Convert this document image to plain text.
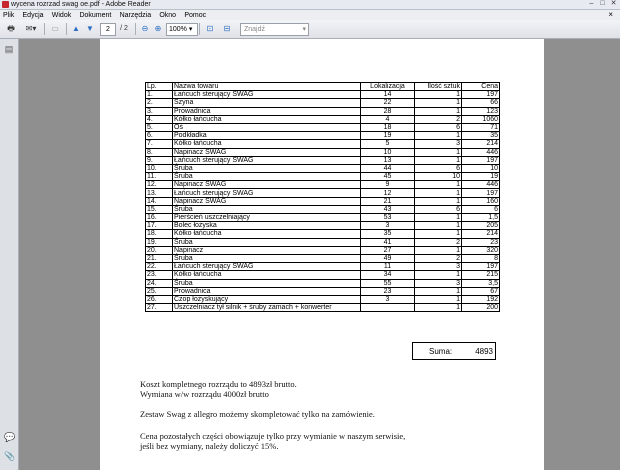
wycena rozrzad swag oe.pdf - Adobe Reader	– □ ✕
Plik Edycja Widok Dokument Narzędzia Okno Pomoc	×
🖶	✉▾	▭	▲ ▼	2	/ 2	⊖ ⊕	100% ▾	⊡	⊟	Znajdź	▾
▤
💬
📎
Lp.	Nazwa towaru	Lokalizacja	Ilość sztuk	Cena
1.	Łańcuch sterujący SWAG	14	1	197
2.	Szyna	22	1	66
3.	Prowadnica	28	1	123
4.	Kółko łańcucha	4	2	1060
5.	Oś	18	6	71
6.	Podkładka	19	1	35
7.	Kółko łańcucha	5	3	214
8.	Napinacz SWAG	10	1	446
9.	Łańcuch sterujący SWAG	13	1	197
10.	Śruba	44	6	10
11.	Śruba	45	10	19
12.	Napinacz SWAG	9	1	446
13.	Łańcuch sterujący SWAG	12	1	197
14.	Napinacz SWAG	21	1	160
15.	Śruba	43	6	6
16.	Pierścień uszczelniający	53	1	1,5
17.	Bolec łożyska	3	1	205
18.	Kółko łańcucha	35	1	214
19.	Śruba	41	2	23
20.	Napinacz	27	1	320
21.	Śruba	49	2	8
22.	Łańcuch sterujący SWAG	11	3	197
23.	Kółko łańcucha	34	1	215
24.	Śruba	55	3	3,5
25.	Prowadnica	23	1	67
26.	Czop łożyskujący	3	1	192
27.	Uszczelniacz tył silnik + śruby zamach + konwerter		1	200
Suma:	4893
Koszt kompletnego rozrządu to 4893zł brutto.
Wymiana w/w rozrządu 4000zł brutto
Zestaw Swag z allegro możemy skompletować tylko na zamówienie.
Cena pozostałych części obowiązuje tylko przy wymianie w naszym serwisie,
jeśli bez wymiany, należy doliczyć 15%.
